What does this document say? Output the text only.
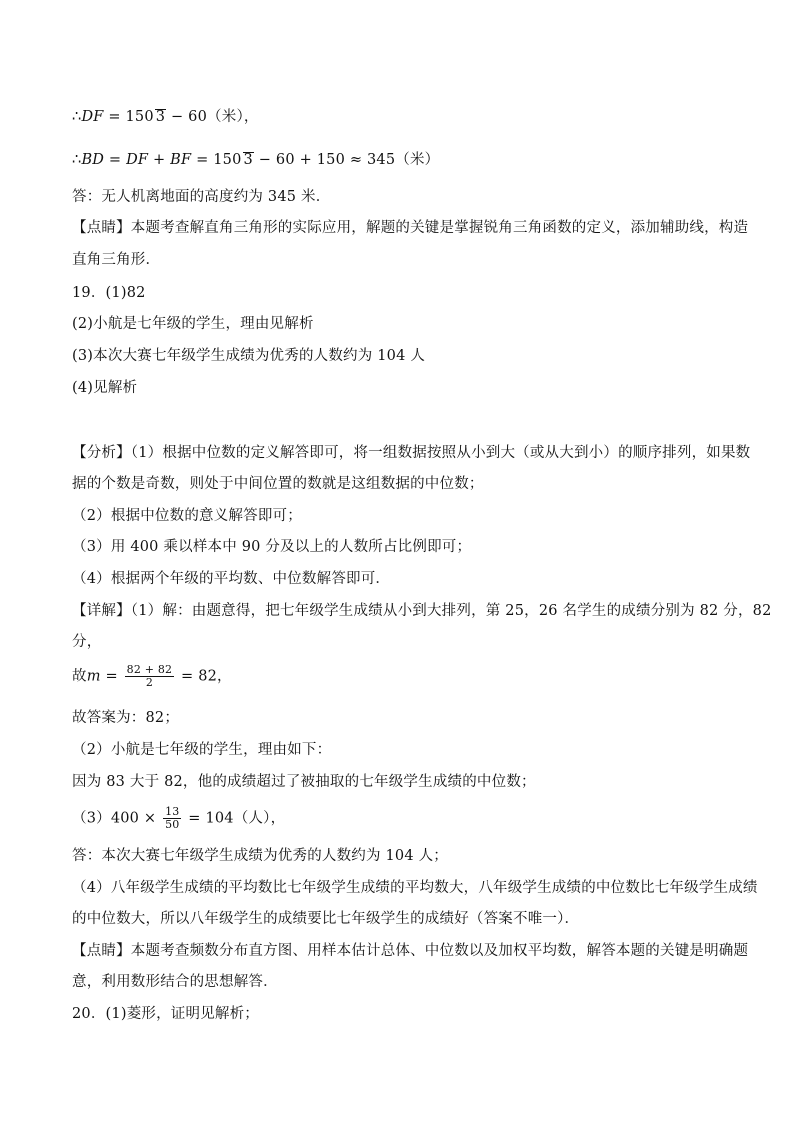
∴DF = 150 3 − 60（米），
∴BD = DF + BF = 150 3 − 60 + 150 ≈ 345（米）
答：无人机离地面的高度约为 345 米．
【点睛】本题考查解直角三角形的实际应用，解题的关键是掌握锐角三角函数的定义，添加辅助线，构造
直角三角形．
19．(1)82
(2)小航是七年级的学生，理由见解析
(3)本次大赛七年级学生成绩为优秀的人数约为 104 人
(4)见解析
【分析】（1）根据中位数的定义解答即可，将一组数据按照从小到大（或从大到小）的顺序排列，如果数
据的个数是奇数，则处于中间位置的数就是这组数据的中位数；
（2）根据中位数的意义解答即可；
（3）用 400 乘以样本中 90 分及以上的人数所占比例即可；
（4）根据两个年级的平均数、中位数解答即可．
【详解】（1）解：由题意得，把七年级学生成绩从小到大排列，第 25，26 名学生的成绩分别为 82 分，82
分，
故$m = \frac{82 + 82}{2} = 82$，
故答案为：82；
（2）小航是七年级的学生，理由如下：
因为 83 大于 82，他的成绩超过了被抽取的七年级学生成绩的中位数；
$(3)400 \times \frac{13}{50} = 104$（人），
答：本次大赛七年级学生成绩为优秀的人数约为 104 人；
（4）八年级学生成绩的平均数比七年级学生成绩的平均数大，八年级学生成绩的中位数比七年级学生成绩
的中位数大，所以八年级学生的成绩要比七年级学生的成绩好（答案不唯一）．
【点睛】本题考查频数分布直方图、用样本估计总体、中位数以及加权平均数，解答本题的关键是明确题
意，利用数形结合的思想解答．
20．(1)菱形，证明见解析；
